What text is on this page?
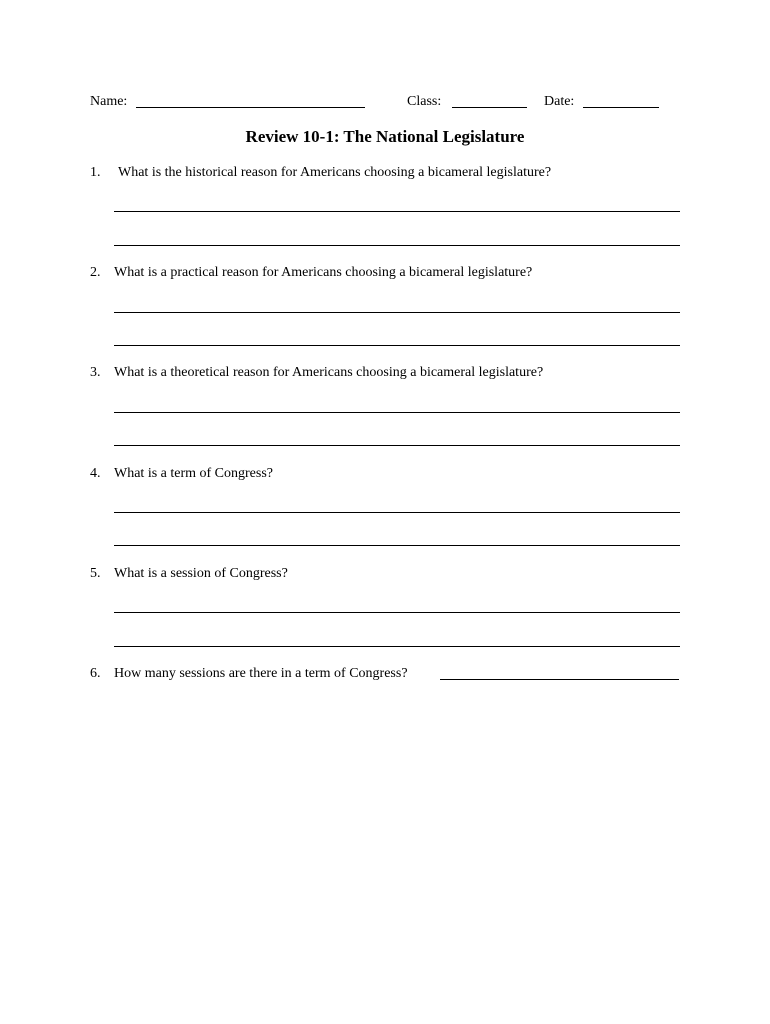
Name:	Class:	Date:
Review 10-1: The National Legislature
1. What is the historical reason for Americans choosing a bicameral legislature?
2. What is a practical reason for Americans choosing a bicameral legislature?
3. What is a theoretical reason for Americans choosing a bicameral legislature?
4. What is a term of Congress?
5. What is a session of Congress?
6. How many sessions are there in a term of Congress?
